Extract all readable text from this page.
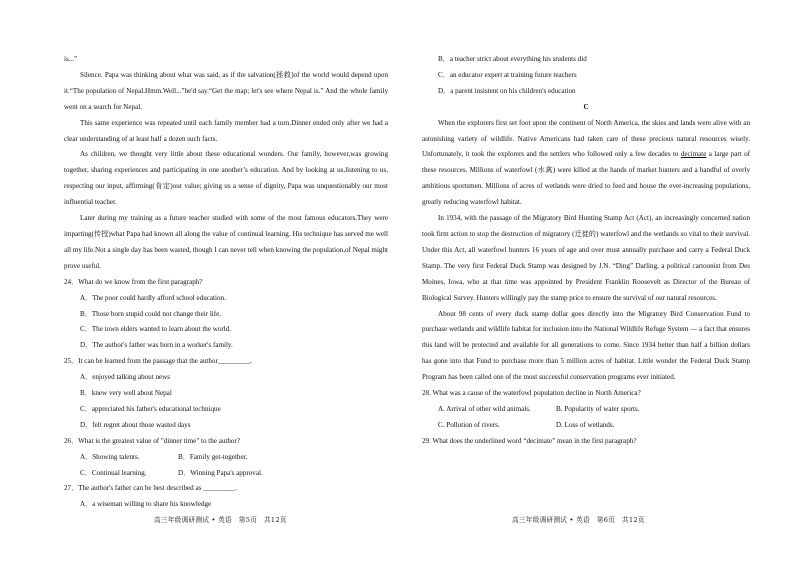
is...”

Silence. Papa was thinking about what was said, as if the salvation(拯救)of the world would depend upon it.“The population of Nepal.Hmm.Well...”he'd say.“Get the map; let's see where Nepal is.” And the whole family went on a search for Nepal.

This same experience was repeated until each family member had a turn.Dinner ended only after we had a clear understanding of at least half a dozen such facts.

As children, we thought very little about these educational wonders. Our family, however,was growing together, sharing experiences and participating in one another’s education. And by looking at us,listening to us, respecting our input, affirming(肯定)our value; giving us a sense of dignity, Papa was unquestionably our most influential teacher.

Later during my training as a future teacher studied with some of the most famous educators.They were imparting(传授)what Papa had known all along the value of continual learning. His technique has served me well all my life.Not a single day has been wasted, though I can never tell when knowing the population,of Nepal might prove useful.

24．What do we know from the first paragraph?

A．The poor could hardly afford school education.

B．Those born stupid could not change their life.

C．The town elders wanted to learn about the world.

D．The author's father was born in a worker's family.

25．It can be learned from the passage that the author_________.

A．enjoyed talking about news

B．knew very well about Nepal

C．appreciated his father's educational technique

D．felt regret about those wasted days

26．What is the greatest value of "dinner time" to the author?

A．Showing talents.	B．Family get-together.
C．Continual learning.	D．Winning Papa's approval.

27．The author's father can be best described as _________.

A．a wiseman willing to share his knowledge

B．a teacher strict about everything his students did

C．an educator expert at training future teachers

D．a parent insistent on his children's education

C

When the explorers first set foot upon the continent of North America, the skies and lands were alive with an astonishing variety of wildlife. Native Americans had taken care of these precious natural resources wisely. Unfortunately, it took the explorers and the settlers who followed only a few decades to decimate a large part of these resources. Millions of waterfowl (水禽) were killed at the hands of market hunters and a handful of overly ambitious sportsmen. Millions of acres of wetlands were dried to feed and house the ever-increasing populations, greatly reducing waterfowl habitat.

In 1934, with the passage of the Migratory Bird Hunting Stamp Act (Act), an increasingly concerned nation took firm action to stop the destruction of migratory (迁徙的) waterfowl and the wetlands so vital to their survival. Under this Act, all waterfowl hunters 16 years of age and over must annually purchase and carry a Federal Duck Stamp. The very first Federal Duck Stamp was designed by J.N. “Ding” Darling, a political cartoonist from Des Moines, Iowa, who at that time was appointed by President Franklin Roosevelt as Director of the Bureau of Biological Survey. Hunters willingly pay the stamp price to ensure the survival of our natural resources.

About 98 cents of every duck stamp dollar goes directly into the Migratory Bird Conservation Fund to purchase wetlands and wildlife habitat for inclusion into the National Wildlife Refuge System — a fact that ensures this land will be protected and available for all generations to come. Since 1934 better than half a billion dollars has gone into that Fund to purchase more than 5 million acres of habitat. Little wonder the Federal Duck Stamp Program has been called one of the most successful conservation programs ever initiated.

28. What was a cause of the waterfowl population decline in North America?

A. Arrival of other wild animals.	B. Popularity of water sports.
C. Pollution of rivers.	D. Loss of wetlands.

29. What does the underlined word “decimate” mean in the first paragraph?

高三年级调研测试 • 英语　第5页　共12页	高三年级调研测试 • 英语　第6页　共12页
